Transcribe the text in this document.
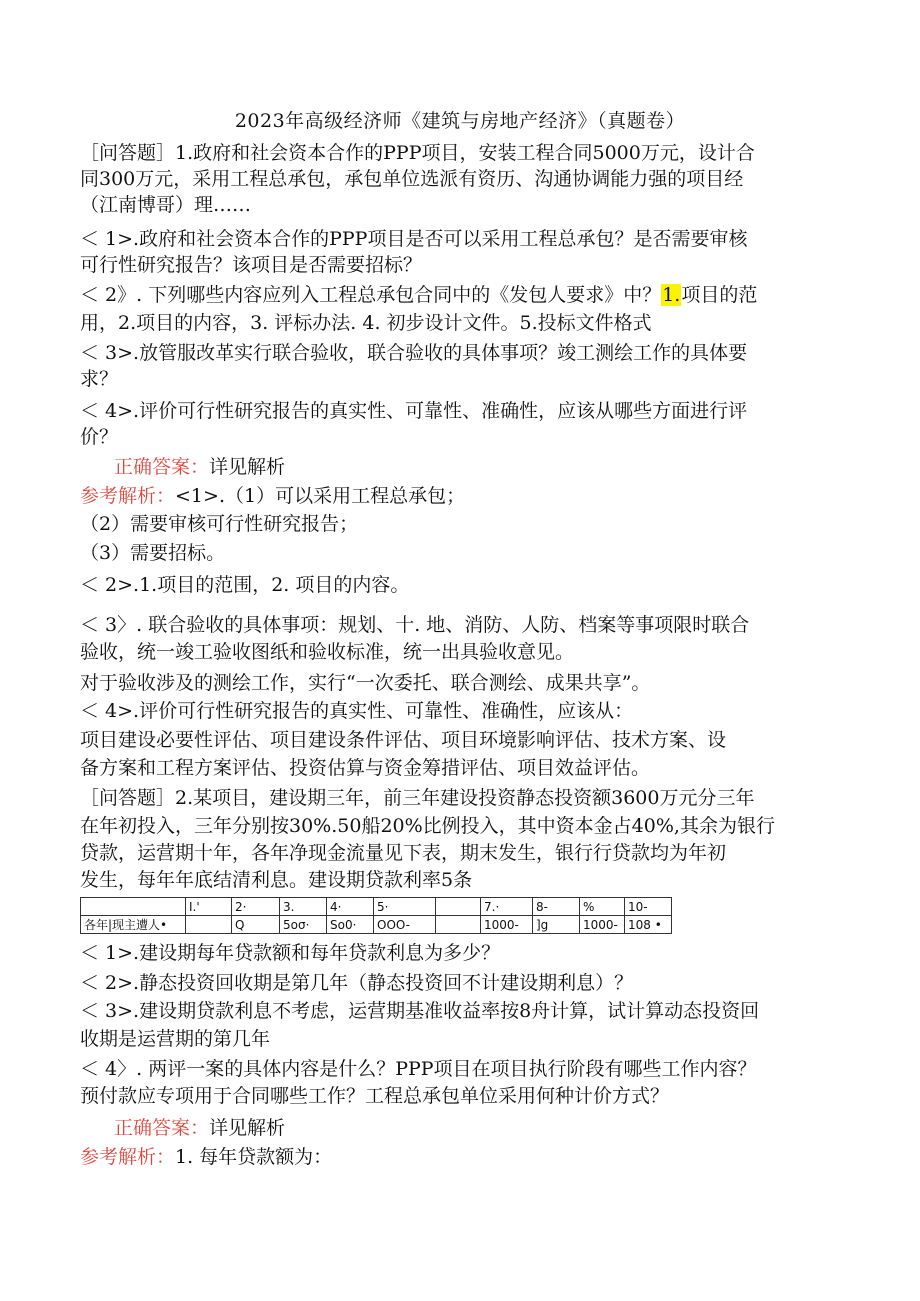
2023年高级经济师《建筑与房地产经济》（真题卷）
［问答题］1.政府和社会资本合作的PPP项目，安装工程合同5000万元，设计合
同300万元，采用工程总承包，承包单位选派有资历、沟通协调能力强的项目经
（江南博哥）理……
＜ 1>.政府和社会资本合作的PPP项目是否可以采用工程总承包？是否需要审核
可行性研究报告？该项目是否需要招标？
＜ 2》. 下列哪些内容应列入工程总承包合同中的《发包人要求》中？1.项目的范
用，2.项目的内容，3. 评标办法. 4. 初步设计文件。5.投标文件格式
＜ 3>.放管服改革实行联合验收，联合验收的具体事项？竣工测绘工作的具体要
求？
＜ 4>.评价可行性研究报告的真实性、可靠性、准确性，应该从哪些方面进行评
价？
正确答案：详见解析
参考解析：<1>.（1）可以采用工程总承包；
（2）需要审核可行性研究报告；
（3）需要招标。
＜ 2>.1.项目的范围，2. 项目的内容。
＜ 3〉. 联合验收的具体事项：规划、十. 地、消防、人防、档案等事项限时联合
验收，统一竣工验收图纸和验收标准，统一出具验收意见。
对于验收涉及的测绘工作，实行“一次委托、联合测绘、成果共享”。
＜ 4>.评价可行性研究报告的真实性、可靠性、准确性，应该从：
项目建设必要性评估、项目建设条件评估、项目环境影响评估、技术方案、设
备方案和工程方案评估、投资估算与资金筹措评估、项目效益评估。
［问答题］2.某项目，建设期三年，前三年建设投资静态投资额3600万元分三年
在年初投入，三年分别按30%.50船20%比例投入，其中资本金占40%,其余为银行
贷款，运营期十年，各年净现金流量见下表，期末发生，银行行贷款均为年初
发生，每年年底结清利息。建设期贷款利率5条
	I.'	2·	3.	4·	5·		7.·	8-	%	10-
各年|现主遭人•		Q	5oσ·	So0·	OOO-		1000-	]g	1000-	108 •
＜ 1>.建设期每年贷款额和每年贷款利息为多少？
＜ 2>.静态投资回收期是第几年（静态投资回不计建设期利息）？
＜ 3>.建设期贷款利息不考虑，运营期基准收益率按8舟计算，试计算动态投资回
收期是运营期的第几年
＜ 4〉. 两评一案的具体内容是什么？PPP项目在项目执行阶段有哪些工作内容？
预付款应专项用于合同哪些工作？工程总承包单位采用何种计价方式？
正确答案：详见解析
参考解析：1. 每年贷款额为：
